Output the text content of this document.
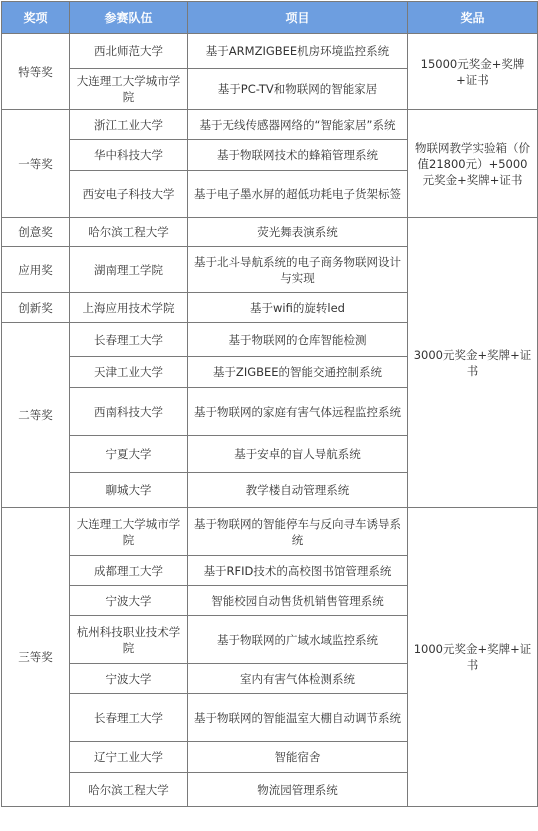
奖项	参赛队伍	项目	奖品
特等奖	西北师范大学	基于ARMZIGBEE机房环境监控系统	15000元奖金+奖牌+证书
	大连理工大学城市学院	基于PC-TV和物联网的智能家居	
一等奖	浙江工业大学	基于无线传感器网络的“智能家居”系统	物联网教学实验箱（价值21800元）+5000元奖金+奖牌+证书
	华中科技大学	基于物联网技术的蜂箱管理系统	
	西安电子科技大学	基于电子墨水屏的超低功耗电子货架标签	
创意奖	哈尔滨工程大学	荧光舞表演系统	3000元奖金+奖牌+证书
应用奖	湖南理工学院	基于北斗导航系统的电子商务物联网设计与实现	
创新奖	上海应用技术学院	基于wifi的旋转led	
二等奖	长春理工大学	基于物联网的仓库智能检测	
	天津工业大学	基于ZIGBEE的智能交通控制系统	
	西南科技大学	基于物联网的家庭有害气体远程监控系统	
	宁夏大学	基于安卓的盲人导航系统	
	聊城大学	教学楼自动管理系统	
三等奖	大连理工大学城市学院	基于物联网的智能停车与反向寻车诱导系统	1000元奖金+奖牌+证书
	成都理工大学	基于RFID技术的高校图书馆管理系统	
	宁波大学	智能校园自动售货机销售管理系统	
	杭州科技职业技术学院	基于物联网的广域水域监控系统	
	宁波大学	室内有害气体检测系统	
	长春理工大学	基于物联网的智能温室大棚自动调节系统	
	辽宁工业大学	智能宿舍	
	哈尔滨工程大学	物流园管理系统	
